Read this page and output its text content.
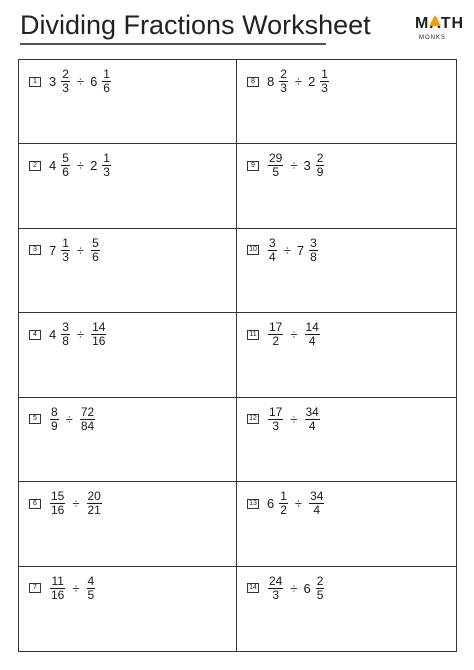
Dividing Fractions Worksheet	MATH
MONKS
1 $3 \frac{2}{3} \div 6 \frac{1}{6}$	8 $8 \frac{2}{3} \div 2 \frac{1}{3}$
2 $4 \frac{5}{6} \div 2 \frac{1}{3}$	9	$\frac{29}{5} \div 3 \frac{2}{9}$
3 $7 \frac{1}{3} \div \frac{5}{6}$	$10 \frac{3}{4} \div 7 \frac{3}{8}$
4 $4 \frac{3}{8} \div \frac{14}{16}$	$11 \frac{17}{2} \div \frac{14}{4}$
5	$\frac{8}{9} \div \frac{72}{84}$	$12 \frac{17}{3} \div \frac{34}{4}$
6	$\frac{15}{16} \div \frac{20}{21}$	13 $6 \frac{1}{2} \div \frac{34}{4}$
7	$\frac{11}{16} \div \frac{4}{5}$	$14 \frac{24}{3} \div 6 \frac{2}{5}$
